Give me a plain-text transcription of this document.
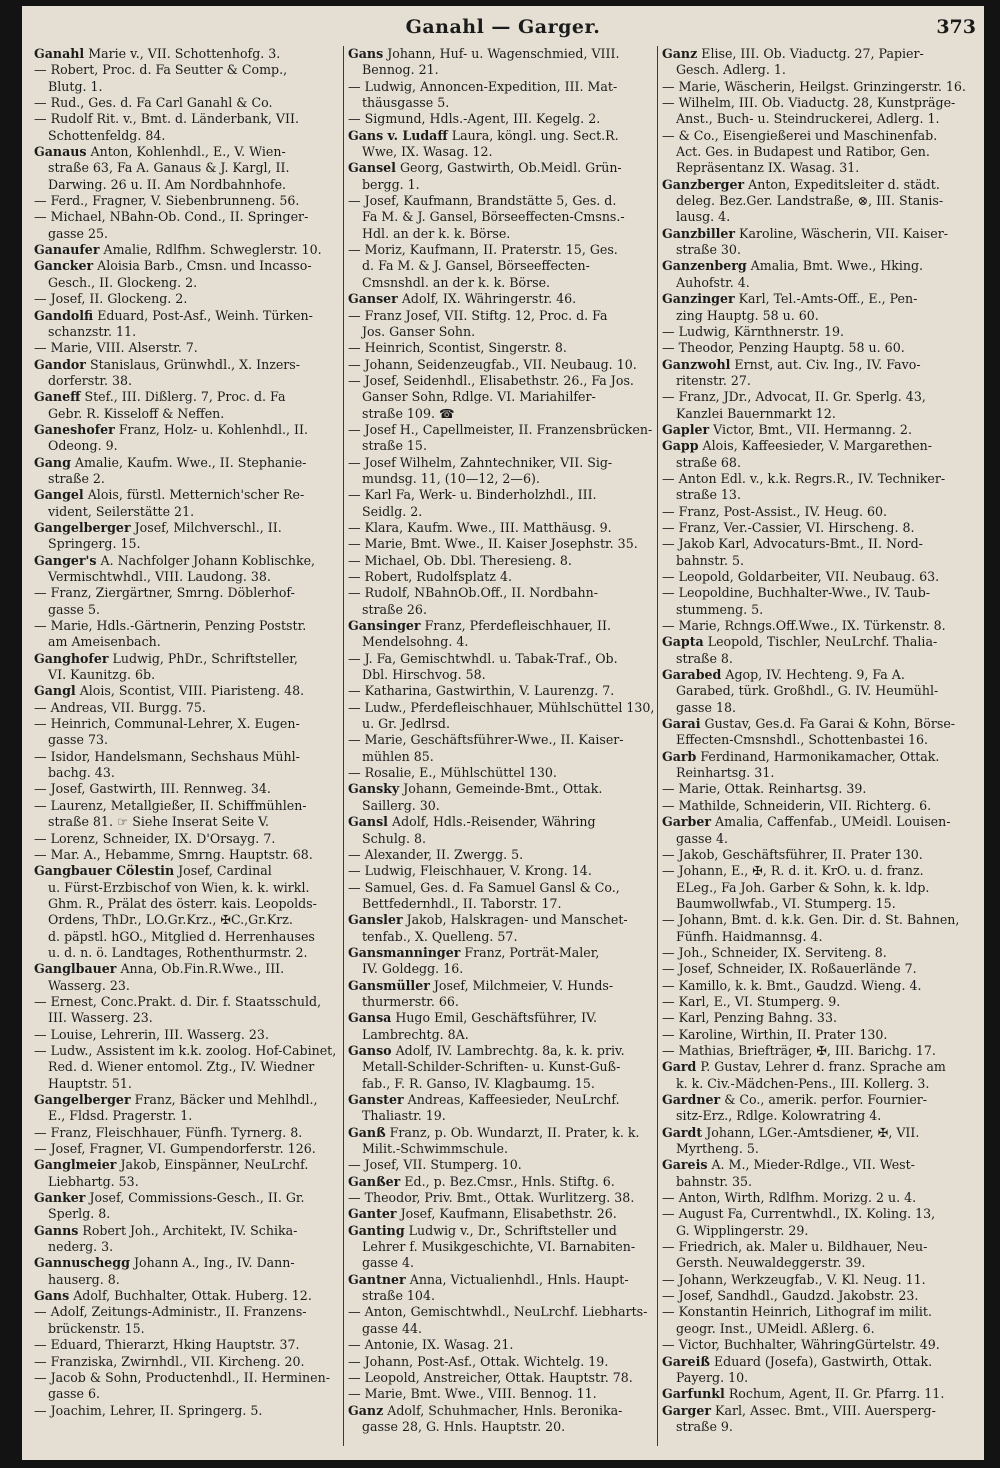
Ganahl — Garger.	373
Ganahl Marie v., VII. Schottenhofg. 3.
— Robert, Proc. d. Fa Seutter & Comp.,
Blutg. 1.
— Rud., Ges. d. Fa Carl Ganahl & Co.
— Rudolf Rit. v., Bmt. d. Länderbank, VII.
Schottenfeldg. 84.
Ganaus Anton, Kohlenhdl., E., V. Wien-
straße 63, Fa A. Ganaus & J. Kargl, II.
Darwing. 26 u. II. Am Nordbahnhofe.
— Ferd., Fragner, V. Siebenbrunneng. 56.
— Michael, NBahn-Ob. Cond., II. Springer-
gasse 25.
Ganaufer Amalie, Rdlfhm. Schweglerstr. 10.
Gancker Aloisia Barb., Cmsn. und Incasso-
Gesch., II. Glockeng. 2.
— Josef, II. Glockeng. 2.
Gandolfi Eduard, Post-Asf., Weinh. Türken-
schanzstr. 11.
— Marie, VIII. Alserstr. 7.
Gandor Stanislaus, Grünwhdl., X. Inzers-
dorferstr. 38.
Ganeff Stef., III. Dißlerg. 7, Proc. d. Fa
Gebr. R. Kisseloff & Neffen.
Ganeshofer Franz, Holz- u. Kohlenhdl., II.
Odeong. 9.
Gang Amalie, Kaufm. Wwe., II. Stephanie-
straße 2.
Gangel Alois, fürstl. Metternich'scher Re-
vident, Seilerstätte 21.
Gangelberger Josef, Milchverschl., II.
Springerg. 15.
Ganger's A. Nachfolger Johann Koblischke,
Vermischtwhdl., VIII. Laudong. 38.
— Franz, Ziergärtner, Smrng. Döblerhof-
gasse 5.
— Marie, Hdls.-Gärtnerin, Penzing Poststr.
am Ameisenbach.
Ganghofer Ludwig, PhDr., Schriftsteller,
VI. Kaunitzg. 6b.
Gangl Alois, Scontist, VIII. Piaristeng. 48.
— Andreas, VII. Burgg. 75.
— Heinrich, Communal-Lehrer, X. Eugen-
gasse 73.
— Isidor, Handelsmann, Sechshaus Mühl-
bachg. 43.
— Josef, Gastwirth, III. Rennweg. 34.
— Laurenz, Metallgießer, II. Schiffmühlen-
straße 81. ☞ Siehe Inserat Seite V.
— Lorenz, Schneider, IX. D'Orsayg. 7.
— Mar. A., Hebamme, Smrng. Hauptstr. 68.
Gangbauer Cölestin Josef, Cardinal
u. Fürst-Erzbischof von Wien, k. k. wirkl.
Ghm. R., Prälat des österr. kais. Leopolds-
Ordens, ThDr., LO.Gr.Krz., ✠C.,Gr.Krz.
d. päpstl. hGO., Mitglied d. Herrenhauses
u. d. n. ö. Landtages, Rothenthurmstr. 2.
Ganglbauer Anna, Ob.Fin.R.Wwe., III.
Wasserg. 23.
— Ernest, Conc.Prakt. d. Dir. f. Staatsschuld,
III. Wasserg. 23.
— Louise, Lehrerin, III. Wasserg. 23.
— Ludw., Assistent im k.k. zoolog. Hof-Cabinet,
Red. d. Wiener entomol. Ztg., IV. Wiedner
Hauptstr. 51.
Gangelberger Franz, Bäcker und Mehlhdl.,
E., Fldsd. Pragerstr. 1.
— Franz, Fleischhauer, Fünfh. Tyrnerg. 8.
— Josef, Fragner, VI. Gumpendorferstr. 126.
Ganglmeier Jakob, Einspänner, NeuLrchf.
Liebhartg. 53.
Ganker Josef, Commissions-Gesch., II. Gr.
Sperlg. 8.
Ganns Robert Joh., Architekt, IV. Schika-
nederg. 3.
Gannuschegg Johann A., Ing., IV. Dann-
hauserg. 8.
Gans Adolf, Buchhalter, Ottak. Huberg. 12.
— Adolf, Zeitungs-Administr., II. Franzens-
brückenstr. 15.
— Eduard, Thierarzt, Hking Hauptstr. 37.
— Franziska, Zwirnhdl., VII. Kircheng. 20.
— Jacob & Sohn, Productenhdl., II. Herminen-
gasse 6.
— Joachim, Lehrer, II. Springerg. 5.
Gans Johann, Huf- u. Wagenschmied, VIII.
Bennog. 21.
— Ludwig, Annoncen-Expedition, III. Mat-
thäusgasse 5.
— Sigmund, Hdls.-Agent, III. Kegelg. 2.
Gans v. Ludaff Laura, köngl. ung. Sect.R.
Wwe, IX. Wasag. 12.
Gansel Georg, Gastwirth, Ob.Meidl. Grün-
bergg. 1.
— Josef, Kaufmann, Brandstätte 5, Ges. d.
Fa M. & J. Gansel, Börseeffecten-Cmsns.-
Hdl. an der k. k. Börse.
— Moriz, Kaufmann, II. Praterstr. 15, Ges.
d. Fa M. & J. Gansel, Börseeffecten-
Cmsnshdl. an der k. k. Börse.
Ganser Adolf, IX. Währingerstr. 46.
— Franz Josef, VII. Stiftg. 12, Proc. d. Fa
Jos. Ganser Sohn.
— Heinrich, Scontist, Singerstr. 8.
— Johann, Seidenzeugfab., VII. Neubaug. 10.
— Josef, Seidenhdl., Elisabethstr. 26., Fa Jos.
Ganser Sohn, Rdlge. VI. Mariahilfer-
straße 109. ☎
— Josef H., Capellmeister, II. Franzensbrücken-
straße 15.
— Josef Wilhelm, Zahntechniker, VII. Sig-
mundsg. 11, (10—12, 2—6).
— Karl Fa, Werk- u. Binderholzhdl., III.
Seidlg. 2.
— Klara, Kaufm. Wwe., III. Matthäusg. 9.
— Marie, Bmt. Wwe., II. Kaiser Josephstr. 35.
— Michael, Ob. Dbl. Theresieng. 8.
— Robert, Rudolfsplatz 4.
— Rudolf, NBahnOb.Off., II. Nordbahn-
straße 26.
Gansinger Franz, Pferdefleischhauer, II.
Mendelsohng. 4.
— J. Fa, Gemischtwhdl. u. Tabak-Traf., Ob.
Dbl. Hirschvog. 58.
— Katharina, Gastwirthin, V. Laurenzg. 7.
— Ludw., Pferdefleischhauer, Mühlschüttel 130,
u. Gr. Jedlrsd.
— Marie, Geschäftsführer-Wwe., II. Kaiser-
mühlen 85.
— Rosalie, E., Mühlschüttel 130.
Gansky Johann, Gemeinde-Bmt., Ottak.
Saillerg. 30.
Gansl Adolf, Hdls.-Reisender, Währing
Schulg. 8.
— Alexander, II. Zwergg. 5.
— Ludwig, Fleischhauer, V. Krong. 14.
— Samuel, Ges. d. Fa Samuel Gansl & Co.,
Bettfedernhdl., II. Taborstr. 17.
Gansler Jakob, Halskragen- und Manschet-
tenfab., X. Quelleng. 57.
Gansmanninger Franz, Porträt-Maler,
IV. Goldegg. 16.
Gansmüller Josef, Milchmeier, V. Hunds-
thurmerstr. 66.
Gansa Hugo Emil, Geschäftsführer, IV.
Lambrechtg. 8A.
Ganso Adolf, IV. Lambrechtg. 8a, k. k. priv.
Metall-Schilder-Schriften- u. Kunst-Guß-
fab., F. R. Ganso, IV. Klagbaumg. 15.
Ganster Andreas, Kaffeesieder, NeuLrchf.
Thaliastr. 19.
Ganß Franz, p. Ob. Wundarzt, II. Prater, k. k.
Milit.-Schwimmschule.
— Josef, VII. Stumperg. 10.
Ganßer Ed., p. Bez.Cmsr., Hnls. Stiftg. 6.
— Theodor, Priv. Bmt., Ottak. Wurlitzerg. 38.
Ganter Josef, Kaufmann, Elisabethstr. 26.
Ganting Ludwig v., Dr., Schriftsteller und
Lehrer f. Musikgeschichte, VI. Barnabiten-
gasse 4.
Gantner Anna, Victualienhdl., Hnls. Haupt-
straße 104.
— Anton, Gemischtwhdl., NeuLrchf. Liebharts-
gasse 44.
— Antonie, IX. Wasag. 21.
— Johann, Post-Asf., Ottak. Wichtelg. 19.
— Leopold, Anstreicher, Ottak. Hauptstr. 78.
— Marie, Bmt. Wwe., VIII. Bennog. 11.
Ganz Adolf, Schuhmacher, Hnls. Beronika-
gasse 28, G. Hnls. Hauptstr. 20.
Ganz Elise, III. Ob. Viaductg. 27, Papier-
Gesch. Adlerg. 1.
— Marie, Wäscherin, Heilgst. Grinzingerstr. 16.
— Wilhelm, III. Ob. Viaductg. 28, Kunstpräge-
Anst., Buch- u. Steindruckerei, Adlerg. 1.
— & Co., Eisengießerei und Maschinenfab.
Act. Ges. in Budapest und Ratibor, Gen.
Repräsentanz IX. Wasag. 31.
Ganzberger Anton, Expeditsleiter d. städt.
deleg. Bez.Ger. Landstraße, ⊗, III. Stanis-
lausg. 4.
Ganzbiller Karoline, Wäscherin, VII. Kaiser-
straße 30.
Ganzenberg Amalia, Bmt. Wwe., Hking.
Auhofstr. 4.
Ganzinger Karl, Tel.-Amts-Off., E., Pen-
zing Hauptg. 58 u. 60.
— Ludwig, Kärnthnerstr. 19.
— Theodor, Penzing Hauptg. 58 u. 60.
Ganzwohl Ernst, aut. Civ. Ing., IV. Favo-
ritenstr. 27.
— Franz, JDr., Advocat, II. Gr. Sperlg. 43,
Kanzlei Bauernmarkt 12.
Gapler Victor, Bmt., VII. Hermanng. 2.
Gapp Alois, Kaffeesieder, V. Margarethen-
straße 68.
— Anton Edl. v., k.k. Regrs.R., IV. Techniker-
straße 13.
— Franz, Post-Assist., IV. Heug. 60.
— Franz, Ver.-Cassier, VI. Hirscheng. 8.
— Jakob Karl, Advocaturs-Bmt., II. Nord-
bahnstr. 5.
— Leopold, Goldarbeiter, VII. Neubaug. 63.
— Leopoldine, Buchhalter-Wwe., IV. Taub-
stummeng. 5.
— Marie, Rchngs.Off.Wwe., IX. Türkenstr. 8.
Gapta Leopold, Tischler, NeuLrchf. Thalia-
straße 8.
Garabed Agop, IV. Hechteng. 9, Fa A.
Garabed, türk. Großhdl., G. IV. Heumühl-
gasse 18.
Garai Gustav, Ges.d. Fa Garai & Kohn, Börse-
Effecten-Cmsnshdl., Schottenbastei 16.
Garb Ferdinand, Harmonikamacher, Ottak.
Reinhartsg. 31.
— Marie, Ottak. Reinhartsg. 39.
— Mathilde, Schneiderin, VII. Richterg. 6.
Garber Amalia, Caffenfab., UMeidl. Louisen-
gasse 4.
— Jakob, Geschäftsführer, II. Prater 130.
— Johann, E., ✠, R. d. it. KrO. u. d. franz.
ELeg., Fa Joh. Garber & Sohn, k. k. ldp.
Baumwollwfab., VI. Stumperg. 15.
— Johann, Bmt. d. k.k. Gen. Dir. d. St. Bahnen,
Fünfh. Haidmannsg. 4.
— Joh., Schneider, IX. Serviteng. 8.
— Josef, Schneider, IX. Roßauerlände 7.
— Kamillo, k. k. Bmt., Gaudzd. Wieng. 4.
— Karl, E., VI. Stumperg. 9.
— Karl, Penzing Bahng. 33.
— Karoline, Wirthin, II. Prater 130.
— Mathias, Briefträger, ✠, III. Barichg. 17.
Gard P. Gustav, Lehrer d. franz. Sprache am
k. k. Civ.-Mädchen-Pens., III. Kollerg. 3.
Gardner & Co., amerik. perfor. Fournier-
sitz-Erz., Rdlge. Kolowratring 4.
Gardt Johann, LGer.-Amtsdiener, ✠, VII.
Myrtheng. 5.
Gareis A. M., Mieder-Rdlge., VII. West-
bahnstr. 35.
— Anton, Wirth, Rdlfhm. Morizg. 2 u. 4.
— August Fa, Currentwhdl., IX. Koling. 13,
G. Wipplingerstr. 29.
— Friedrich, ak. Maler u. Bildhauer, Neu-
Gersth. Neuwaldeggerstr. 39.
— Johann, Werkzeugfab., V. Kl. Neug. 11.
— Josef, Sandhdl., Gaudzd. Jakobstr. 23.
— Konstantin Heinrich, Lithograf im milit.
geogr. Inst., UMeidl. Aßlerg. 6.
— Victor, Buchhalter, WähringGürtelstr. 49.
Gareiß Eduard (Josefa), Gastwirth, Ottak.
Payerg. 10.
Garfunkl Rochum, Agent, II. Gr. Pfarrg. 11.
Garger Karl, Assec. Bmt., VIII. Auersperg-
straße 9.
